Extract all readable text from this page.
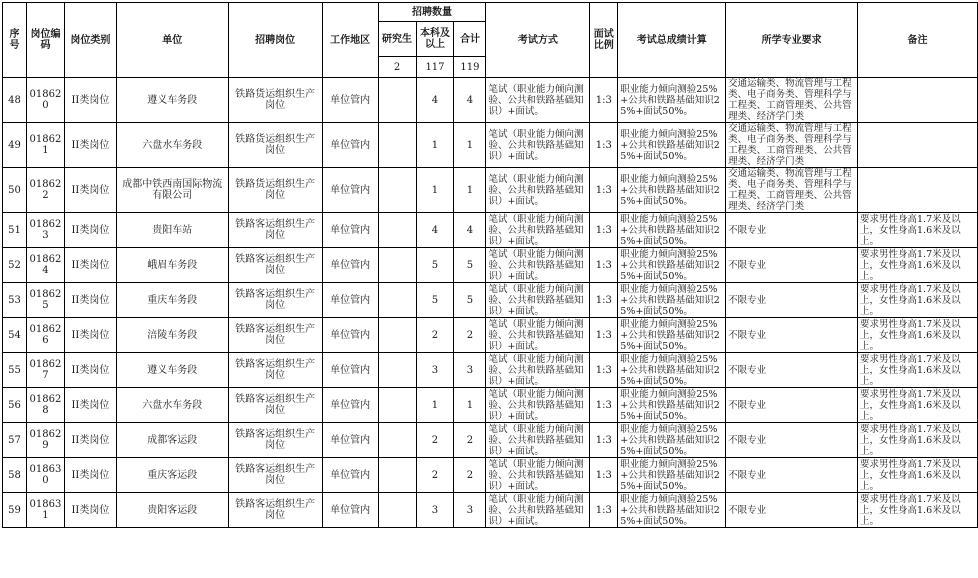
序号	岗位编码	岗位类别	单位	招聘岗位	工作地区	招聘数量			考试方式	面试比例	考试总成绩计算	所学专业要求	备注
						研究生	本科及以上	合计					
						2	117	119					
48	018620	II类岗位	遵义车务段	铁路货运组织生产岗位	单位管内		4	4	笔试（职业能力倾向测验、公共和铁路基础知识）+面试。	1:3	职业能力倾向测验25%+公共和铁路基础知识25%+面试50%。	交通运输类、物流管理与工程类、电子商务类、管理科学与工程类、工商管理类、公共管理类、经济学门类	
49	018621	II类岗位	六盘水车务段	铁路货运组织生产岗位	单位管内		1	1	笔试（职业能力倾向测验、公共和铁路基础知识）+面试。	1:3	职业能力倾向测验25%+公共和铁路基础知识25%+面试50%。	交通运输类、物流管理与工程类、电子商务类、管理科学与工程类、工商管理类、公共管理类、经济学门类	
50	018622	II类岗位	成都中铁西南国际物流有限公司	铁路货运组织生产岗位	单位管内		1	1	笔试（职业能力倾向测验、公共和铁路基础知识）+面试。	1:3	职业能力倾向测验25%+公共和铁路基础知识25%+面试50%。	交通运输类、物流管理与工程类、电子商务类、管理科学与工程类、工商管理类、公共管理类、经济学门类	
51	018623	II类岗位	贵阳车站	铁路客运组织生产岗位	单位管内		4	4	笔试（职业能力倾向测验、公共和铁路基础知识）+面试。	1:3	职业能力倾向测验25%+公共和铁路基础知识25%+面试50%。	不限专业	要求男性身高1.7米及以上，女性身高1.6米及以上。
52	018624	II类岗位	峨眉车务段	铁路客运组织生产岗位	单位管内		5	5	笔试（职业能力倾向测验、公共和铁路基础知识）+面试。	1:3	职业能力倾向测验25%+公共和铁路基础知识25%+面试50%。	不限专业	要求男性身高1.7米及以上，女性身高1.6米及以上。
53	018625	II类岗位	重庆车务段	铁路客运组织生产岗位	单位管内		5	5	笔试（职业能力倾向测验、公共和铁路基础知识）+面试。	1:3	职业能力倾向测验25%+公共和铁路基础知识25%+面试50%。	不限专业	要求男性身高1.7米及以上，女性身高1.6米及以上。
54	018626	II类岗位	涪陵车务段	铁路客运组织生产岗位	单位管内		2	2	笔试（职业能力倾向测验、公共和铁路基础知识）+面试。	1:3	职业能力倾向测验25%+公共和铁路基础知识25%+面试50%。	不限专业	要求男性身高1.7米及以上，女性身高1.6米及以上。
55	018627	II类岗位	遵义车务段	铁路客运组织生产岗位	单位管内		3	3	笔试（职业能力倾向测验、公共和铁路基础知识）+面试。	1:3	职业能力倾向测验25%+公共和铁路基础知识25%+面试50%。	不限专业	要求男性身高1.7米及以上，女性身高1.6米及以上。
56	018628	II类岗位	六盘水车务段	铁路客运组织生产岗位	单位管内		1	1	笔试（职业能力倾向测验、公共和铁路基础知识）+面试。	1:3	职业能力倾向测验25%+公共和铁路基础知识25%+面试50%。	不限专业	要求男性身高1.7米及以上，女性身高1.6米及以上。
57	018629	II类岗位	成都客运段	铁路客运组织生产岗位	单位管内		2	2	笔试（职业能力倾向测验、公共和铁路基础知识）+面试。	1:3	职业能力倾向测验25%+公共和铁路基础知识25%+面试50%。	不限专业	要求男性身高1.7米及以上，女性身高1.6米及以上。
58	018630	II类岗位	重庆客运段	铁路客运组织生产岗位	单位管内		2	2	笔试（职业能力倾向测验、公共和铁路基础知识）+面试。	1:3	职业能力倾向测验25%+公共和铁路基础知识25%+面试50%。	不限专业	要求男性身高1.7米及以上，女性身高1.6米及以上。
59	018631	II类岗位	贵阳客运段	铁路客运组织生产岗位	单位管内		3	3	笔试（职业能力倾向测验、公共和铁路基础知识）+面试。	1:3	职业能力倾向测验25%+公共和铁路基础知识25%+面试50%。	不限专业	要求男性身高1.7米及以上，女性身高1.6米及以上。
